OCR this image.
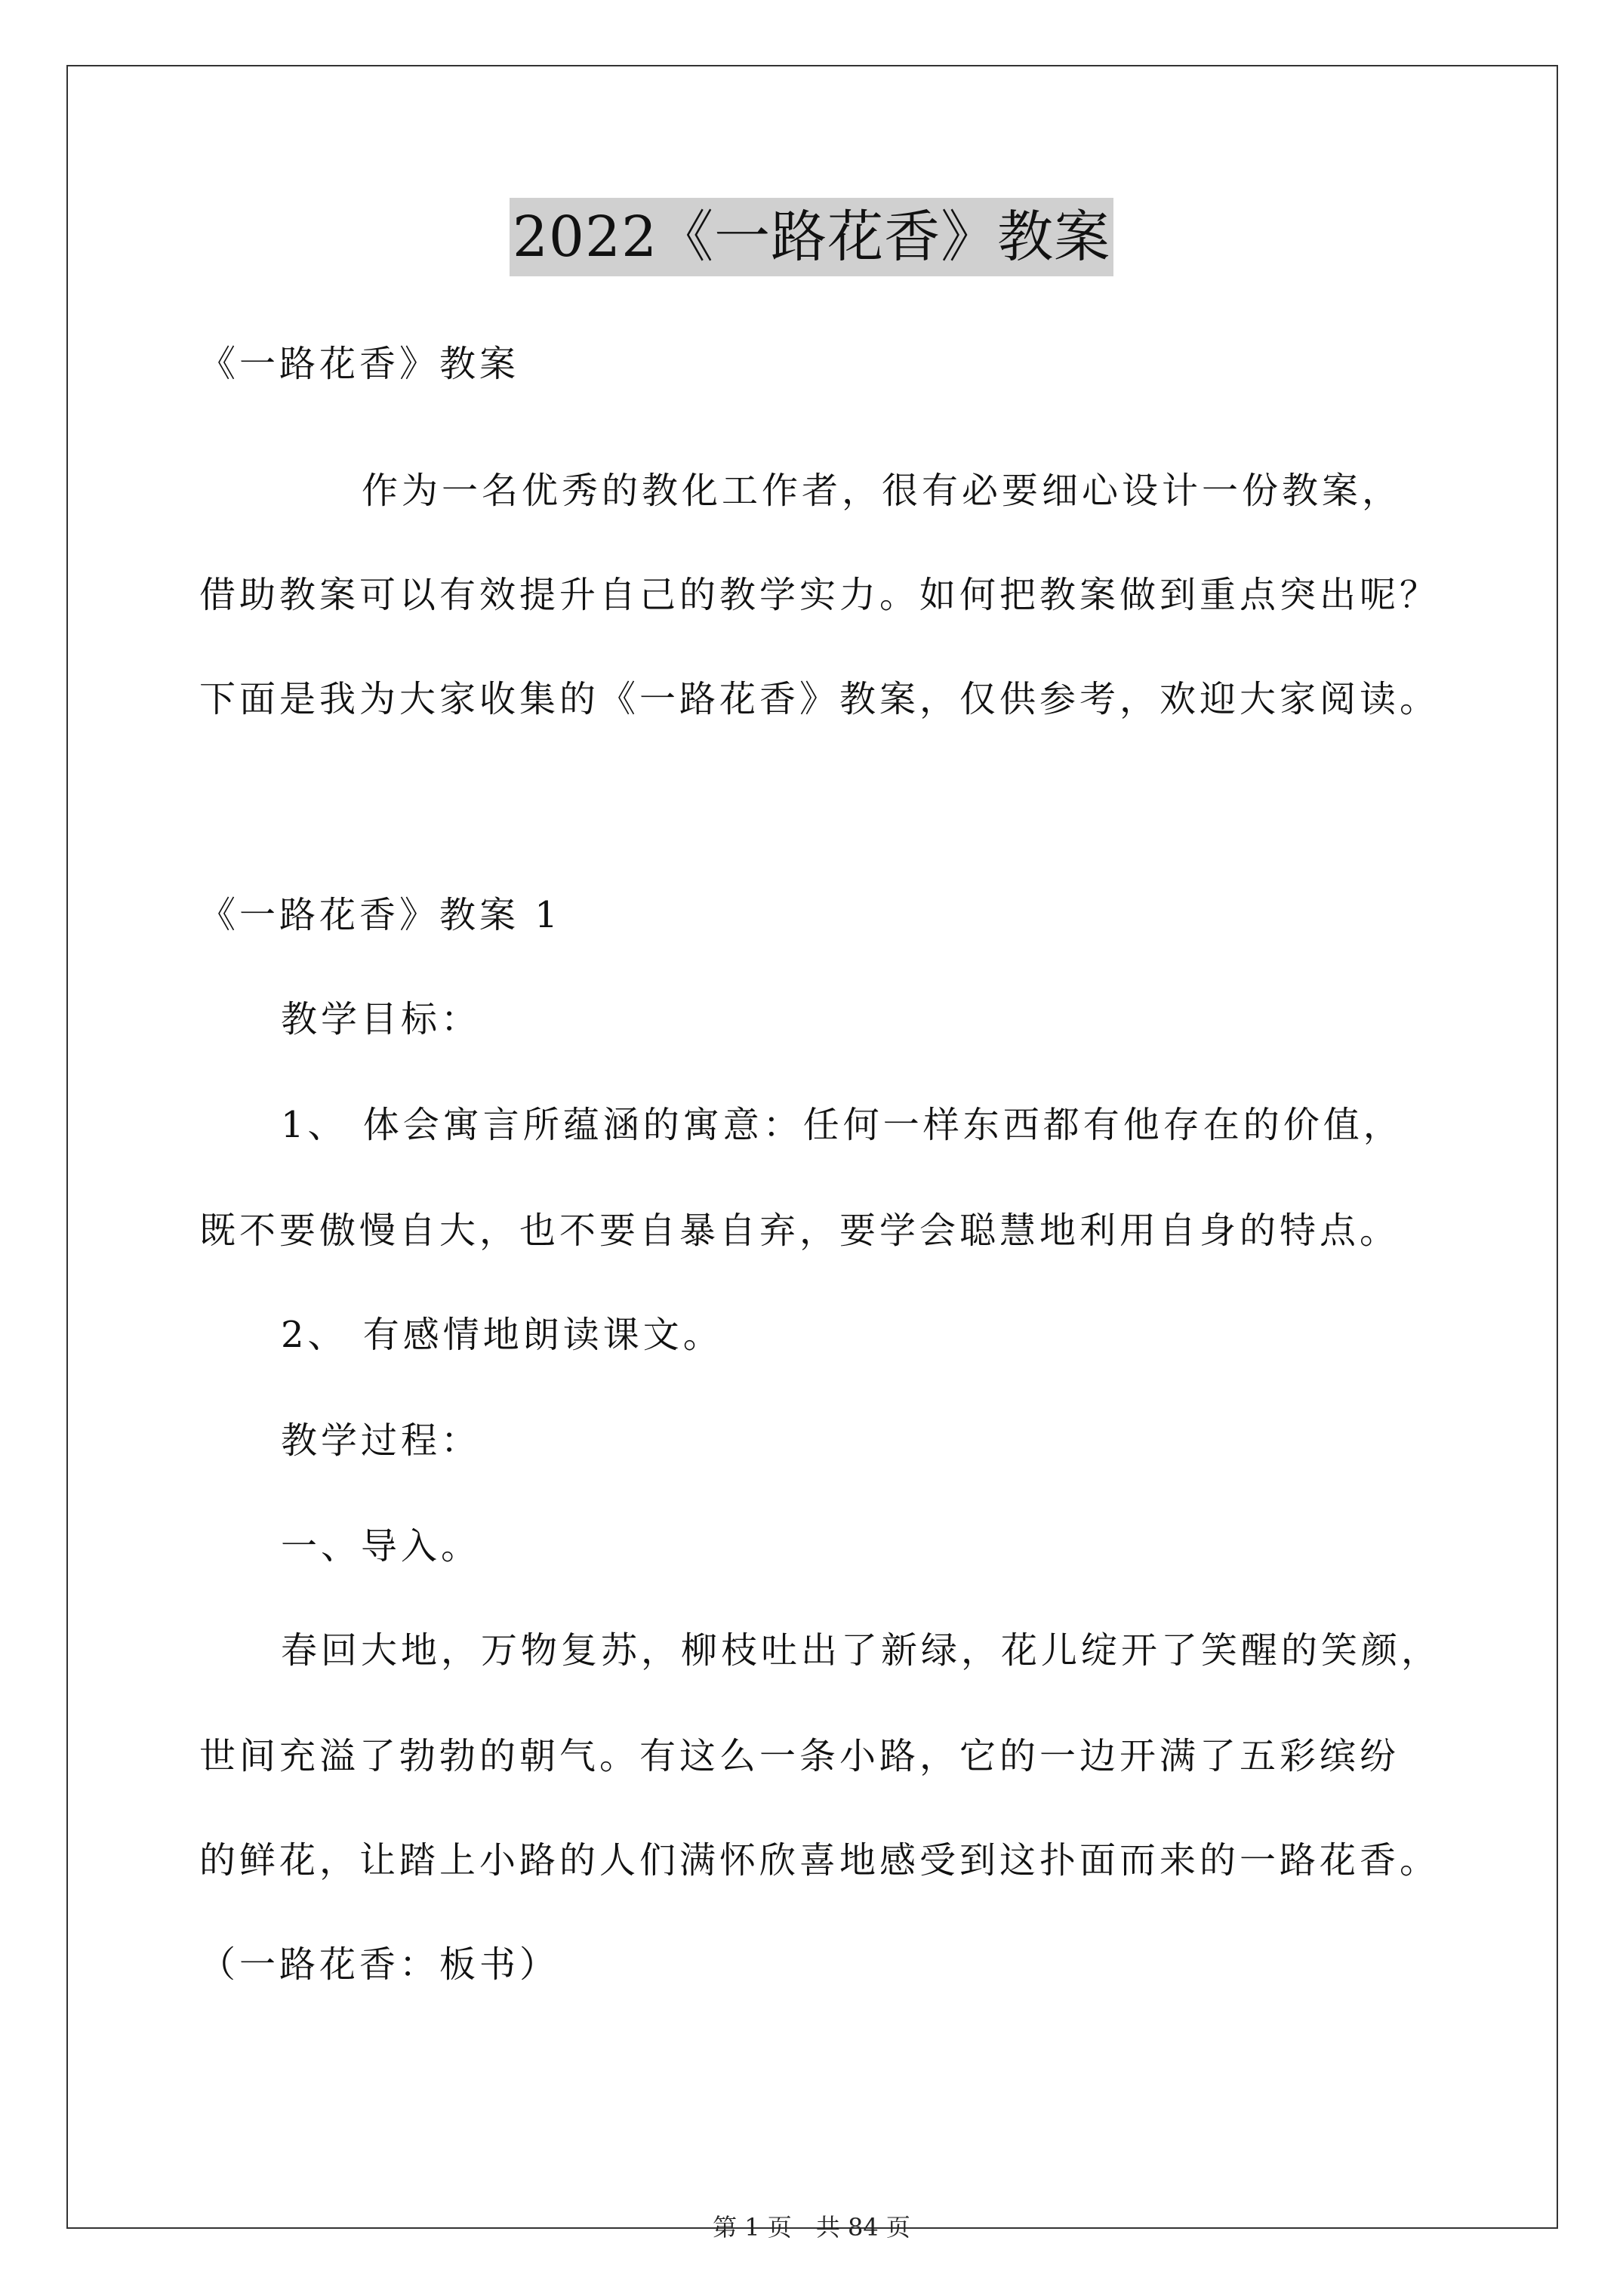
2022《一路花香》教案
《一路花香》教案
作为一名优秀的教化工作者，很有必要细心设计一份教案，
借助教案可以有效提升自己的教学实力。如何把教案做到重点突出呢？
下面是我为大家收集的《一路花香》教案，仅供参考，欢迎大家阅读。
《一路花香》教案 1
教学目标：
1、 体会寓言所蕴涵的寓意：任何一样东西都有他存在的价值，
既不要傲慢自大，也不要自暴自弃，要学会聪慧地利用自身的特点。
2、 有感情地朗读课文。
教学过程：
一、导入。
春回大地，万物复苏，柳枝吐出了新绿，花儿绽开了笑醒的笑颜，
世间充溢了勃勃的朝气。有这么一条小路，它的一边开满了五彩缤纷
的鲜花，让踏上小路的人们满怀欣喜地感受到这扑面而来的一路花香。
（一路花香：板书）
第 1 页 共 84 页
